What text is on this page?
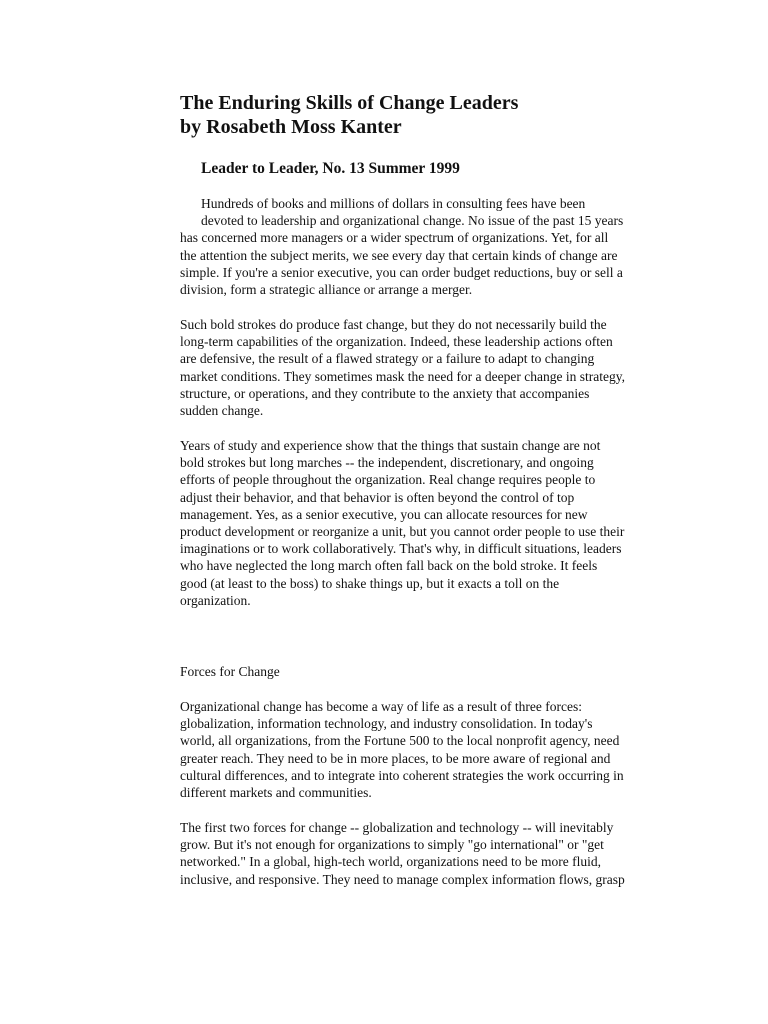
The Enduring Skills of Change Leaders
by Rosabeth Moss Kanter
Leader to Leader, No. 13 Summer 1999
Hundreds of books and millions of dollars in consulting fees have been
devoted to leadership and organizational change. No issue of the past 15 years
has concerned more managers or a wider spectrum of organizations. Yet, for all
the attention the subject merits, we see every day that certain kinds of change are
simple. If you're a senior executive, you can order budget reductions, buy or sell a
division, form a strategic alliance or arrange a merger.
Such bold strokes do produce fast change, but they do not necessarily build the
long-term capabilities of the organization. Indeed, these leadership actions often
are defensive, the result of a flawed strategy or a failure to adapt to changing
market conditions. They sometimes mask the need for a deeper change in strategy,
structure, or operations, and they contribute to the anxiety that accompanies
sudden change.
Years of study and experience show that the things that sustain change are not
bold strokes but long marches -- the independent, discretionary, and ongoing
efforts of people throughout the organization. Real change requires people to
adjust their behavior, and that behavior is often beyond the control of top
management. Yes, as a senior executive, you can allocate resources for new
product development or reorganize a unit, but you cannot order people to use their
imaginations or to work collaboratively. That's why, in difficult situations, leaders
who have neglected the long march often fall back on the bold stroke. It feels
good (at least to the boss) to shake things up, but it exacts a toll on the
organization.
Forces for Change
Organizational change has become a way of life as a result of three forces:
globalization, information technology, and industry consolidation. In today's
world, all organizations, from the Fortune 500 to the local nonprofit agency, need
greater reach. They need to be in more places, to be more aware of regional and
cultural differences, and to integrate into coherent strategies the work occurring in
different markets and communities.
The first two forces for change -- globalization and technology -- will inevitably
grow. But it's not enough for organizations to simply "go international" or "get
networked." In a global, high-tech world, organizations need to be more fluid,
inclusive, and responsive. They need to manage complex information flows, grasp
